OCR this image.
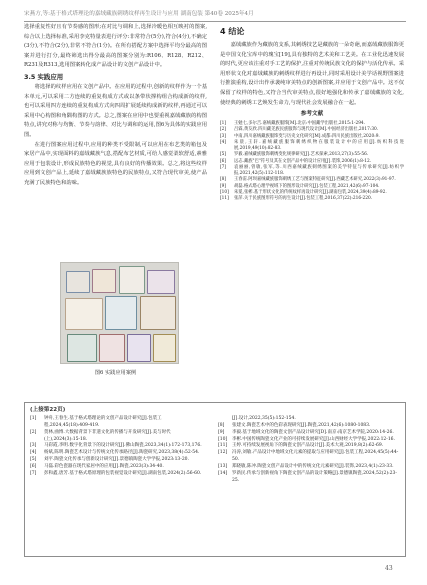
宋燕方,等:基于格式塔理论的嘉绒藏族刺绣纹样再生设计与应用 湖南包装 第40卷 2025年4月

选择重复性好且有节奏感的图形;在对比与调和上,选择冷暖色相互映衬的图案,综合以上选择标准,采用李克特量表进行评分:非常符合(5分),符合(4分),不确定(3分),不符合(2分),非常不符合(1分)。在所有搭配方案中选择平均分最高的图案并进行打分,最终筛选出得分最高的图案分别为:R106、R128、R212、R231及R313,选用图案转化成产品设计的文创产品设计中。

3.5 实践应用

将选择的纹样应用在文创产品中。在应用的过程中,创新的纹样作为一个基本单元,可以采用二方连续的重复构成方式或以条带状撑构组合构成新的纹样,也可以采用四方连续的重复构成方式向四周扩展延续构成新的纹样,再通过可以采用中心构图和角隅构图的方式。总之,图案在应用中也要重视嘉绒藏族的构图特点,讲究对称与均衡、节奏与韵律、对比与调和的运用,图6为具体的实践应用图。

在进行图案应用过程中,应用的种类不受限制,可以应用在布艺类的箱包及家居产品中,实现面料的嘉绒藏族气息,搭配布艺材质,可给人感觉柔软舒适,素雅应用于包装设计,形成民族特色的视觉,具有良好的传播效果。总之,将这些纹样应用到文创产品上,延续了嘉绒藏族族特色的民族特点,又符合现代审美,使产品充满了民族特色和韵味。

图6 实践应用案例
4 结论

嘉绒藏族作为藏族的支系,其刺绣技艺是藏族的一朵奇葩,而嘉绒藏族服饰更是中国文化宝库中的瑰宝[19],具有独特的艺术美和工艺美。在工业化迅速发展的时代,更应该注重对手工艺的保护,注重对传统民族文化的保护与活化传承。采用形状文化对嘉绒藏族的刺绣纹样进行再设计,同时采用设计美学话视野图案进行推演重构,设计出作承袭纯审美特点的创新图案,并应用于文创产品中。这不仅保留了纹样的特色,又符合当代审美特点,很好地强化和传承了嘉绒藏族的文化,使经典的刺绣工艺焕发生命力,与现代社会发展融合在一起。

参考文献
[1]	王勉七,多尔吉.嘉绒藏族服饰[M].北京:中国藏学出版社,2015:1-294.
[2]	吕霖,黄友欣.四川藏羌族民族服饰与现代设计[M].中国经济出版社,2017:30.
[3]	中南,四川嘉绒藏族服饰变与历史文化研究[M].成都:四川民族出版社,2020:9.
[4]	朱晨,王轩.嘉绒藏族服饰刺绣织物在服装设计中的应用[J].纺织科技进展,2019,49(10):82-83.
[5]	罗毅.嘉绒藏族服饰刺绣变化规律研究[J].艺术探索,2013,27(3):55-56.
[6]	远志.藏族"巴"符号及其在文创产品中的设计应用[J].装饰,2006(1):8-12.
[7]	袁丽丽,曾敏,张军,等.川西嘉绒藏族刺绣图案的美学特征与传承研究[J].纺织学报,2021,42(5):112-118.
[8]	王春雷.阿坝嘉绒藏族服饰刺绣工艺与图案特征研究[J].西藏艺术研究,2022(3):91-97.
[9]	胡磊.格式塔心理学视域下的图形设计研究[J].包装工程,2021,42(6):97-104.
[10]	朱冕,张彬.基于形状文化的传统纹样再设计研究[J].湖南包装,2024,39(4):89-92.
[11]	张萍.关于民族图形符号的再生设计[J].包装工程,2016,37(22):216-220.
(上接第22页)
[1]	钟舟,王春生.基于格式塔理论的文创产品设计研究[J].包装工程,2024,45(18):409-419.
[2]	贺林,曲博.大数据背景下非遗文化的传播与开发研究[J].美与时代(上),2024(3):15-18.
[3]	马彩霞,李明.数字化背景下的设计研究[J].佛山陶瓷,2023,34(1):172-173,176.
[4]	杨斌,陈明.陶瓷艺术设计与传统文化传承路径[J].陶瓷研究,2023,38(4):52-54.
[5]	刘平.陶瓷文化传承与创新设计研究[J].景德镇陶瓷大学学报,2023:13-20.
[6]	马磊.彩色瓷器在现代家居中的应用[J].陶瓷,2023(3):34-40.
[7]	彭和鑫,唐芳.基于格式塔原理的包装视觉设计研究[J].湖南包装,2024(2):56-60.
[J].设计,2022,35(5):152-154.
[8]	张建文.陶瓷艺术中的色彩表现研究[J].陶瓷,2021,42(6):1080-1083.
[9]	李毅.基于地域文化的陶瓷文创产品设计研究[D].南京:南京艺术学院,2020:14-26.
[10]	李彬.中国传统陶瓷文化产业的可持续发展研究[J].山西财经大学学报,2022:12-16.
[11]	王婷.可持续发展视角下的陶瓷文创产品设计[J].美术大观,2019,8(2):62-69.
[12]	冯涛,刘敏.产品设计中地域文化元素的提取与应用研究[J].包装工程,2024,45(5):44-50.
[13]	郑晓敏,陈冲.陶瓷文创产品设计中的传统文化元素研究[J].装饰,2023,4(1):23-33.
[14]	罗新民.传承与创新视角下陶瓷文创产品的设计策略[J].景德镇陶瓷,2024,52(2):23-25.
43
